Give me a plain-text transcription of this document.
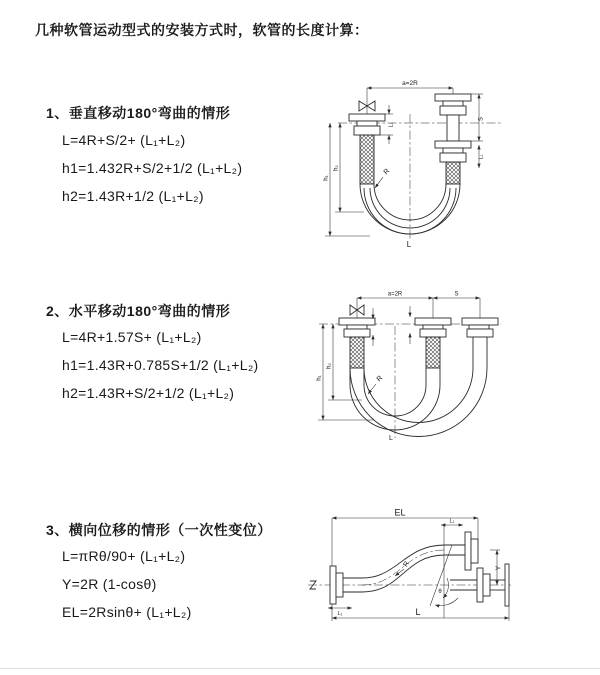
几种软管运动型式的安装方式时，软管的长度计算：
1、垂直移动180°弯曲的情形
L=4R+S/2+ (L₁+L₂)
h1=1.432R+S/2+1/2 (L₁+L₂)
h2=1.43R+1/2 (L₁+L₂)
2、水平移动180°弯曲的情形
L=4R+1.57S+ (L₁+L₂)
h1=1.43R+0.785S+1/2 (L₁+L₂)
h2=1.43R+S/2+1/2 (L₁+L₂)
3、横向位移的情形（一次性变位）
L=πRθ/90+ (L₁+L₂)
Y=2R (1-cosθ)
EL=2Rsinθ+ (L₁+L₂)
a=2R
h₁
h₂
L₁
S
L₁
R
L
a=2R	S
h₁
h₂
R
L
EL
L₁
L₁
Y
L
R
θ
